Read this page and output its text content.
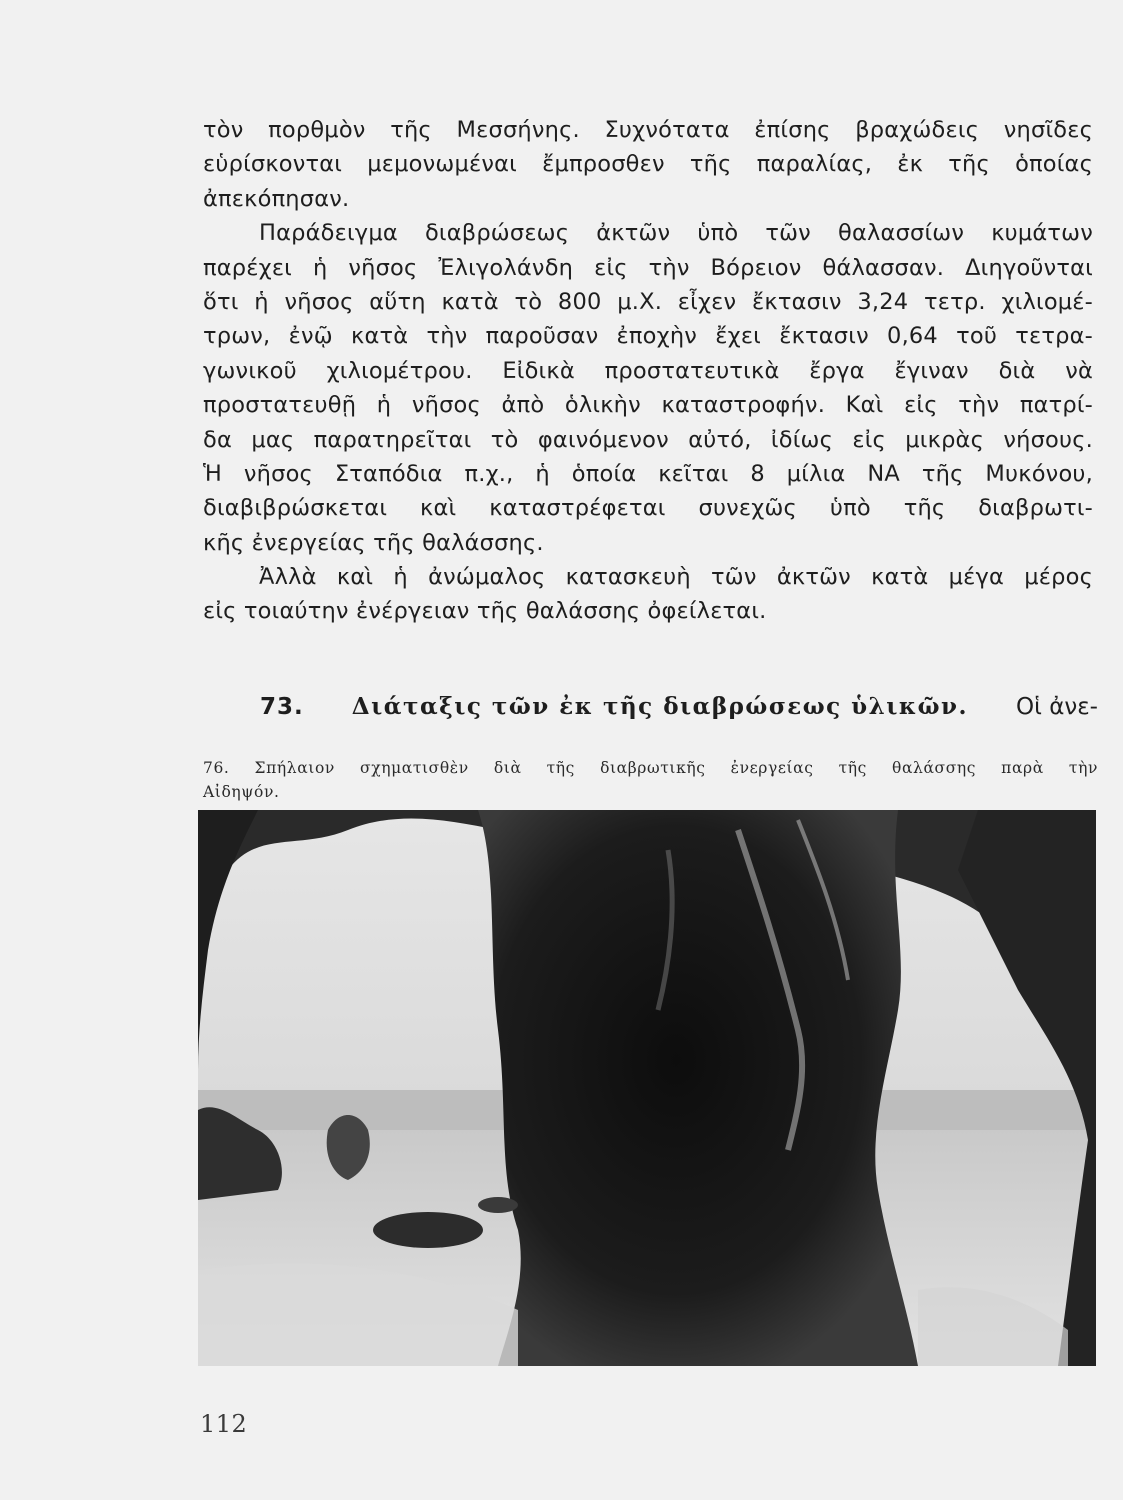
τὸν πορθμὸν τῆς Μεσσήνης. Συχνότατα ἐπίσης βραχώδεις νησῖδες
εὑρίσκονται μεμονωμέναι ἔμπροσθεν τῆς παραλίας, ἐκ τῆς ὁποίας
ἀπεκόπησαν.
Παράδειγμα διαβρώσεως ἀκτῶν ὑπὸ τῶν θαλασσίων κυμάτων
παρέχει ἡ νῆσος Ἐλιγολάνδη εἰς τὴν Βόρειον θάλασσαν. Διηγοῦνται
ὅτι ἡ νῆσος αὕτη κατὰ τὸ 800 μ.Χ. εἶχεν ἔκτασιν 3,24 τετρ. χιλιομέ-
τρων, ἐνῷ κατὰ τὴν παροῦσαν ἐποχὴν ἔχει ἔκτασιν 0,64 τοῦ τετρα-
γωνικοῦ χιλιομέτρου. Εἰδικὰ προστατευτικὰ ἔργα ἔγιναν διὰ νὰ
προστατευθῇ ἡ νῆσος ἀπὸ ὁλικὴν καταστροφήν. Καὶ εἰς τὴν πατρί-
δα μας παρατηρεῖται τὸ φαινόμενον αὐτό, ἰδίως εἰς μικρὰς νήσους.
Ἡ νῆσος Σταπόδια π.χ., ἡ ὁποία κεῖται 8 μίλια ΝΑ τῆς Μυκόνου,
διαβιβρώσκεται καὶ καταστρέφεται συνεχῶς ὑπὸ τῆς διαβρωτι-
κῆς ἐνεργείας τῆς θαλάσσης.
Ἀλλὰ καὶ ἡ ἀνώμαλος κατασκευὴ τῶν ἀκτῶν κατὰ μέγα μέρος
εἰς τοιαύτην ἐνέργειαν τῆς θαλάσσης ὀφείλεται.
73. Διάταξις τῶν ἐκ τῆς διαβρώσεως ὑλικῶν. Οἱ ἀνε-
76. Σπήλαιον σχηματισθὲν διὰ τῆς διαβρωτικῆς ἐνεργείας τῆς θαλάσσης παρὰ τὴν
Αἰδηψόν.
112
